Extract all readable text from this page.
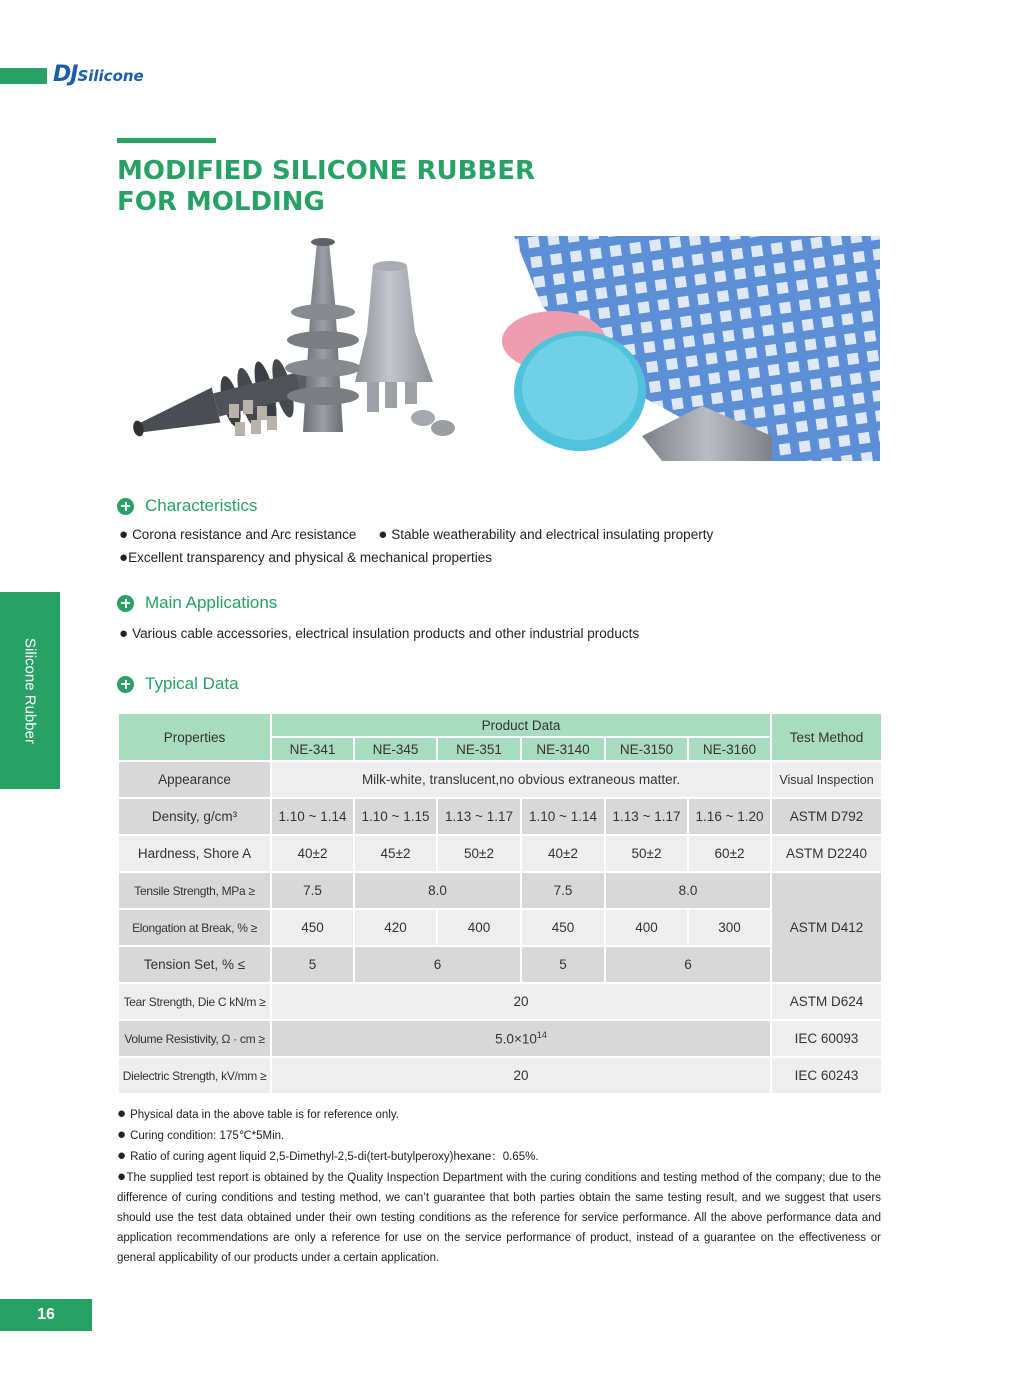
DJSilicone
MODIFIED SILICONE RUBBER
FOR MOLDING
Silicone Rubber
Characteristics
● Corona resistance and Arc resistance ● Stable weatherability and electrical insulating property
●Excellent transparency and physical & mechanical properties
Main Applications
● Various cable accessories, electrical insulation products and other industrial products
Typical Data
Properties	Product Data						Test Method
	NE-341	NE-345	NE-351	NE-3140	NE-3150	NE-3160	
Appearance	Milk-white, translucent,no obvious extraneous matter.						Visual Inspection
Density, g/cm³	1.10 ~ 1.14	1.10 ~ 1.15	1.13 ~ 1.17	1.10 ~ 1.14	1.13 ~ 1.17	1.16 ~ 1.20	ASTM D792
Hardness, Shore A	40±2	45±2	50±2	40±2	50±2	60±2	ASTM D2240
Tensile Strength, MPa ≥	7.5	8.0		7.5	8.0		ASTM D412
Elongation at Break, % ≥	450	420	400	450	400	300	
Tension Set, % ≤	5	6		5	6		
Tear Strength, Die C kN/m ≥	20						ASTM D624
Volume Resistivity, Ω · cm ≥	$5.0\times 10^{14}$						IEC 60093
Dielectric Strength, kV/mm ≥	20						IEC 60243

● Physical data in the above table is for reference only.

● Curing condition: 175℃*5Min.

● Ratio of curing agent liquid 2,5-Dimethyl-2,5-di(tert-butylperoxy)hexane：0.65%.

●The supplied test report is obtained by the Quality Inspection Department with the curing conditions and testing method of the company; due to the difference of curing conditions and testing method, we can’t guarantee that both parties obtain the same testing result, and we suggest that users should use the test data obtained under their own testing conditions as the reference for service performance. All the above performance data and application recommendations are only a reference for use on the service performance of product, instead of a guarantee on the effectiveness or general applicability of our products under a certain application.

16
